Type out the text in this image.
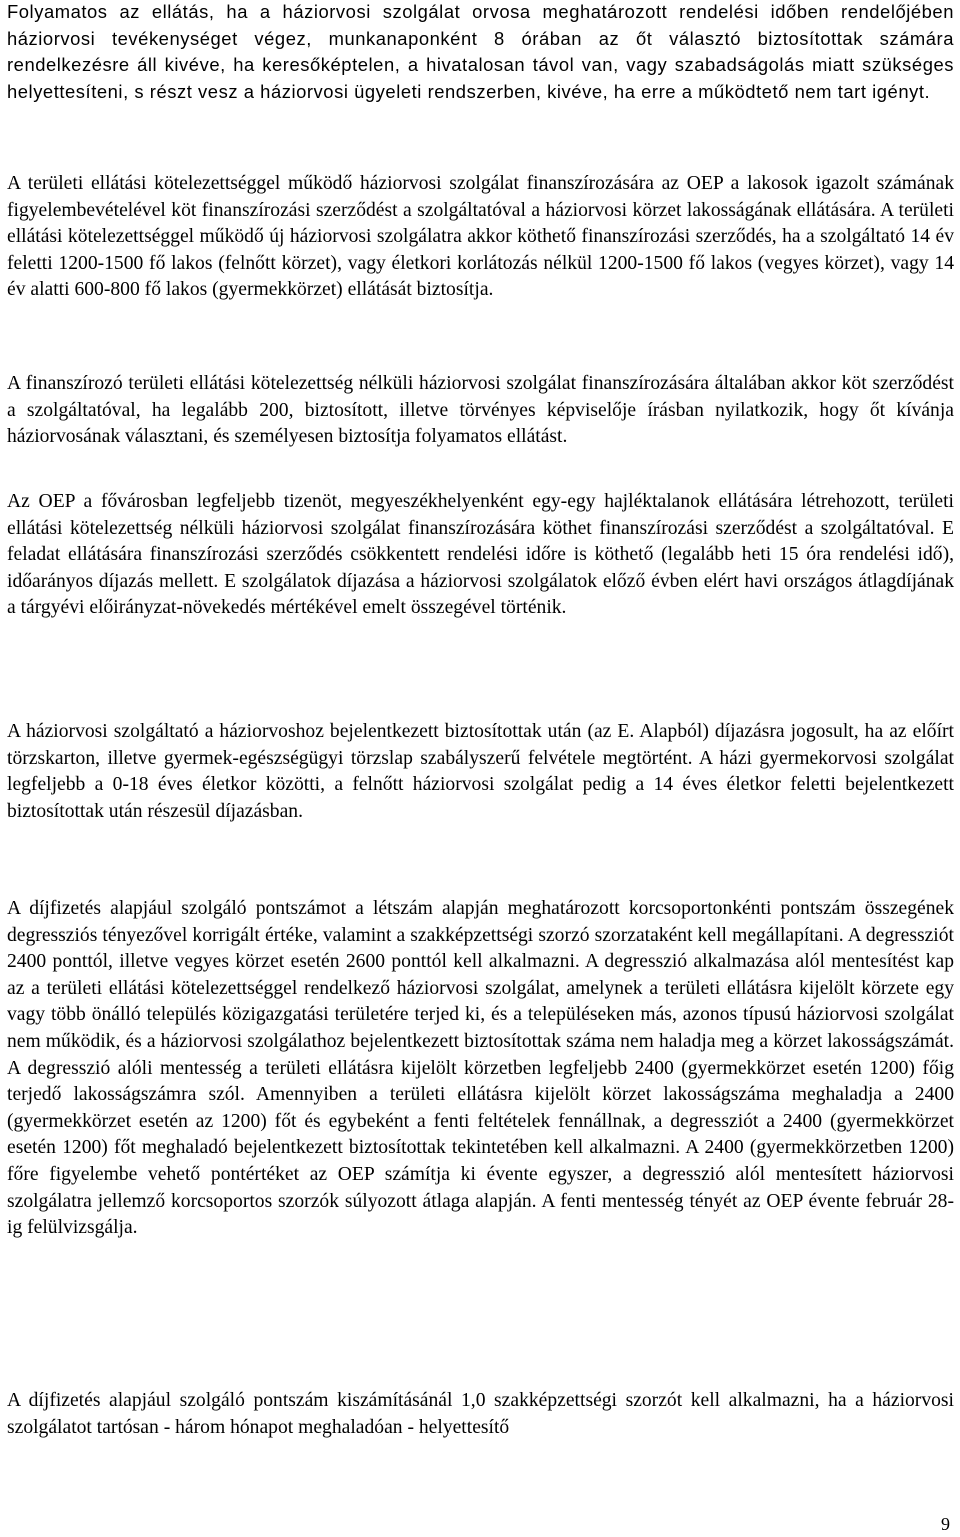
Folyamatos az ellátás, ha a háziorvosi szolgálat orvosa meghatározott rendelési időben rendelőjében háziorvosi tevékenységet végez, munkanaponként 8 órában az őt választó biztosítottak számára rendelkezésre áll kivéve, ha keresőképtelen, a hivatalosan távol van, vagy szabadságolás miatt szükséges helyettesíteni, s részt vesz a háziorvosi ügyeleti rendszerben, kivéve, ha erre a működtető nem tart igényt.

A területi ellátási kötelezettséggel működő háziorvosi szolgálat finanszírozására az OEP a lakosok igazolt számának figyelembevételével köt finanszírozási szerződést a szolgáltatóval a háziorvosi körzet lakosságának ellátására. A területi ellátási kötelezettséggel működő új háziorvosi szolgálatra akkor köthető finanszírozási szerződés, ha a szolgáltató 14 év feletti 1200-1500 fő lakos (felnőtt körzet), vagy életkori korlátozás nélkül 1200-1500 fő lakos (vegyes körzet), vagy 14 év alatti 600-800 fő lakos (gyermekkörzet) ellátását biztosítja.

A finanszírozó területi ellátási kötelezettség nélküli háziorvosi szolgálat finanszírozására általában akkor köt szerződést a szolgáltatóval, ha legalább 200, biztosított, illetve törvényes képviselője írásban nyilatkozik, hogy őt kívánja háziorvosának választani, és személyesen biztosítja folyamatos ellátást.

Az OEP a fővárosban legfeljebb tizenöt, megyeszékhelyenként egy-egy hajléktalanok ellátására létrehozott, területi ellátási kötelezettség nélküli háziorvosi szolgálat finanszírozására köthet finanszírozási szerződést a szolgáltatóval. E feladat ellátására finanszírozási szerződés csökkentett rendelési időre is köthető (legalább heti 15 óra rendelési idő), időarányos díjazás mellett. E szolgálatok díjazása a háziorvosi szolgálatok előző évben elért havi országos átlagdíjának a tárgyévi előirányzat-növekedés mértékével emelt összegével történik.

A háziorvosi szolgáltató a háziorvoshoz bejelentkezett biztosítottak után (az E. Alapból) díjazásra jogosult, ha az előírt törzskarton, illetve gyermek-egészségügyi törzslap szabályszerű felvétele megtörtént. A házi gyermekorvosi szolgálat legfeljebb a 0-18 éves életkor közötti, a felnőtt háziorvosi szolgálat pedig a 14 éves életkor feletti bejelentkezett biztosítottak után részesül díjazásban.

A díjfizetés alapjául szolgáló pontszámot a létszám alapján meghatározott korcsoportonkénti pontszám összegének degressziós tényezővel korrigált értéke, valamint a szakképzettségi szorzó szorzataként kell megállapítani. A degressziót 2400 ponttól, illetve vegyes körzet esetén 2600 ponttól kell alkalmazni. A degresszió alkalmazása alól mentesítést kap az a területi ellátási kötelezettséggel rendelkező háziorvosi szolgálat, amelynek a területi ellátásra kijelölt körzete egy vagy több önálló település közigazgatási területére terjed ki, és a településeken más, azonos típusú háziorvosi szolgálat nem működik, és a háziorvosi szolgálathoz bejelentkezett biztosítottak száma nem haladja meg a körzet lakosságszámát. A degresszió alóli mentesség a területi ellátásra kijelölt körzetben legfeljebb 2400 (gyermekkörzet esetén 1200) főig terjedő lakosságszámra szól. Amennyiben a területi ellátásra kijelölt körzet lakosságszáma meghaladja a 2400 (gyermekkörzet esetén az 1200) főt és egybeként a fenti feltételek fennállnak, a degressziót a 2400 (gyermekkörzet esetén 1200) főt meghaladó bejelentkezett biztosítottak tekintetében kell alkalmazni. A 2400 (gyermekkörzetben 1200) főre figyelembe vehető pontértéket az OEP számítja ki évente egyszer, a degresszió alól mentesített háziorvosi szolgálatra jellemző korcsoportos szorzók súlyozott átlaga alapján. A fenti mentesség tényét az OEP évente február 28-ig felülvizsgálja.

A díjfizetés alapjául szolgáló pontszám kiszámításánál 1,0 szakképzettségi szorzót kell alkalmazni, ha a háziorvosi szolgálatot tartósan - három hónapot meghaladóan - helyettesítő

9
